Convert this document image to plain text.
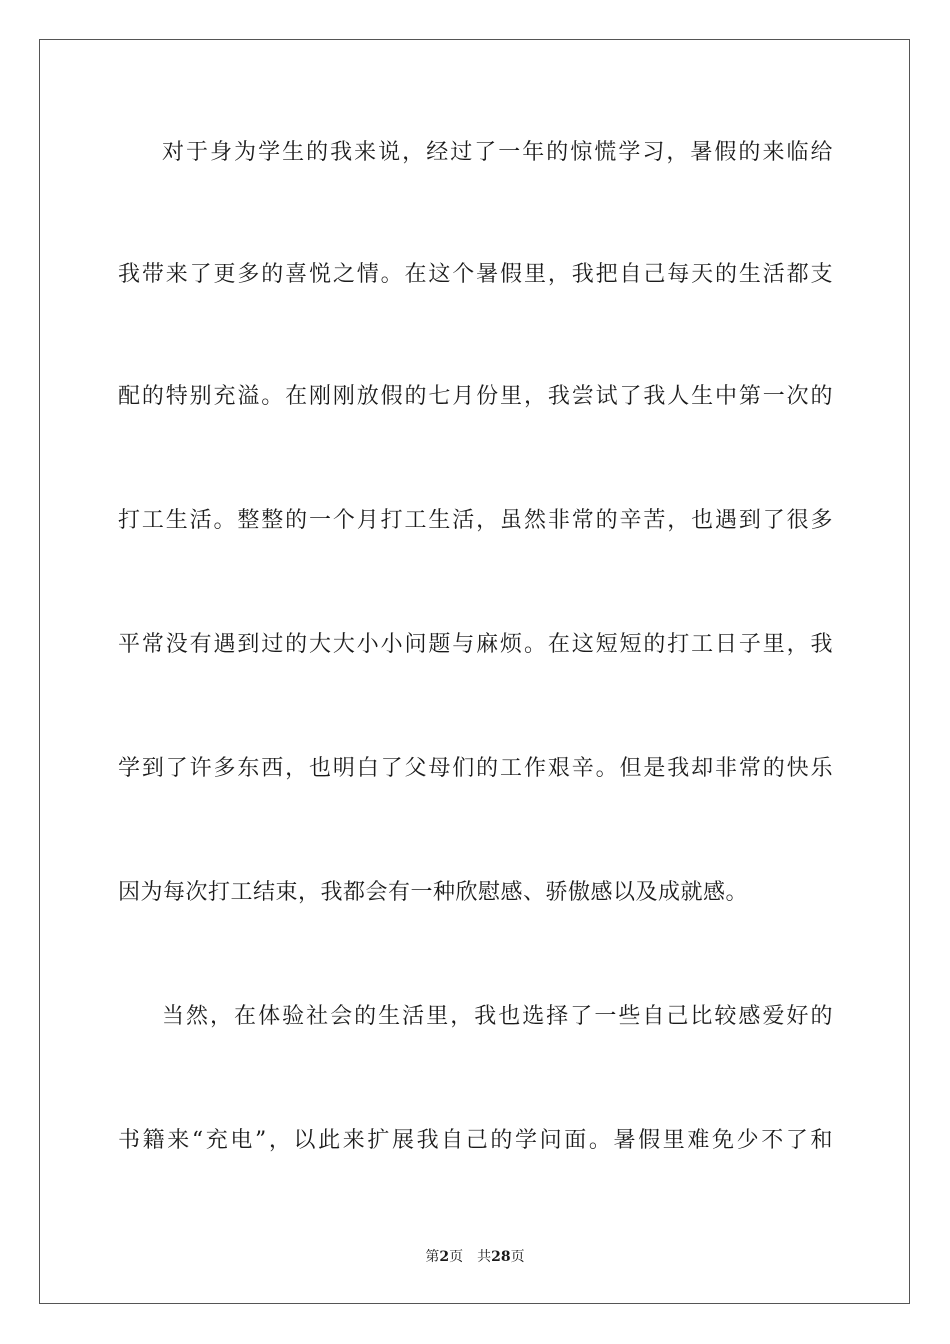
对于身为学生的我来说，经过了一年的惊慌学习，暑假的来临给
我带来了更多的喜悦之情。在这个暑假里，我把自己每天的生活都支
配的特别充溢。在刚刚放假的七月份里，我尝试了我人生中第一次的
打工生活。整整的一个月打工生活，虽然非常的辛苦，也遇到了很多
平常没有遇到过的大大小小问题与麻烦。在这短短的打工日子里，我
学到了许多东西，也明白了父母们的工作艰辛。但是我却非常的快乐
因为每次打工结束，我都会有一种欣慰感、骄傲感以及成就感。
当然，在体验社会的生活里，我也选择了一些自己比较感爱好的
书籍来“充电”，以此来扩展我自己的学问面。暑假里难免少不了和
第2页 共28页
